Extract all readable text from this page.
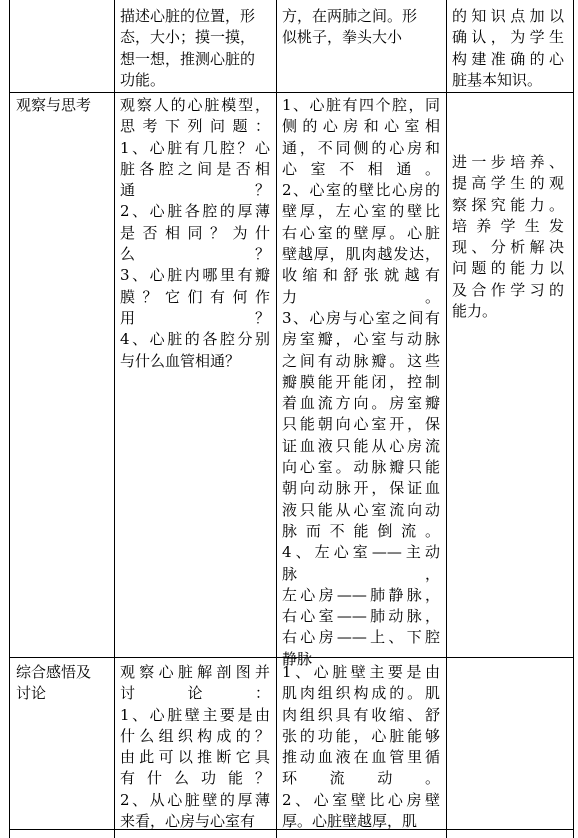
描述心脏的位置，形
态，大小；摸一摸，
想一想，推测心脏的
功能。
方，在两肺之间。形
似桃子，拳头大小
的知识点加以
确认，为学生
构建准确的心
脏基本知识。
观察与思考	观察人的心脏模型，
思考下列问题：
1、心脏有几腔？心
脏各腔之间是否相
通？
2、心脏各腔的厚薄
是否相同？为什
么？
3、心脏内哪里有瓣
膜？它们有何作
用？
4、心脏的各腔分别
与什么血管相通？
1、心脏有四个腔，同
侧的心房和心室相
通，不同侧的心房和
心室不相通。
2、心室的壁比心房的
壁厚，左心室的壁比
右心室的壁厚。心脏
壁越厚，肌肉越发达，
收缩和舒张就越有
力。
3、心房与心室之间有
房室瓣，心室与动脉
之间有动脉瓣。这些
瓣膜能开能闭，控制
着血流方向。房室瓣
只能朝向心室开，保
证血液只能从心房流
向心室。动脉瓣只能
朝向动脉开，保证血
液只能从心室流向动
脉而不能倒流。
4、左心室——主动
脉，
左心房——肺静脉，
右心室——肺动脉，
右心房——上、下腔
静脉
进一步培养、
提高学生的观
察探究能力。
培养学生发
现、分析解决
问题的能力以
及合作学习的
能力。
综合感悟及
讨论
观察心脏解剖图并
讨论：
1、心脏壁主要是由
什么组织构成的？
由此可以推断它具
有什么功能？
2、从心脏壁的厚薄
来看，心房与心室有
1、心脏壁主要是由
肌肉组织构成的。肌
肉组织具有收缩、舒
张的功能，心脏能够
推动血液在血管里循
环流动。
2、心室壁比心房壁
厚。心脏壁越厚，肌
